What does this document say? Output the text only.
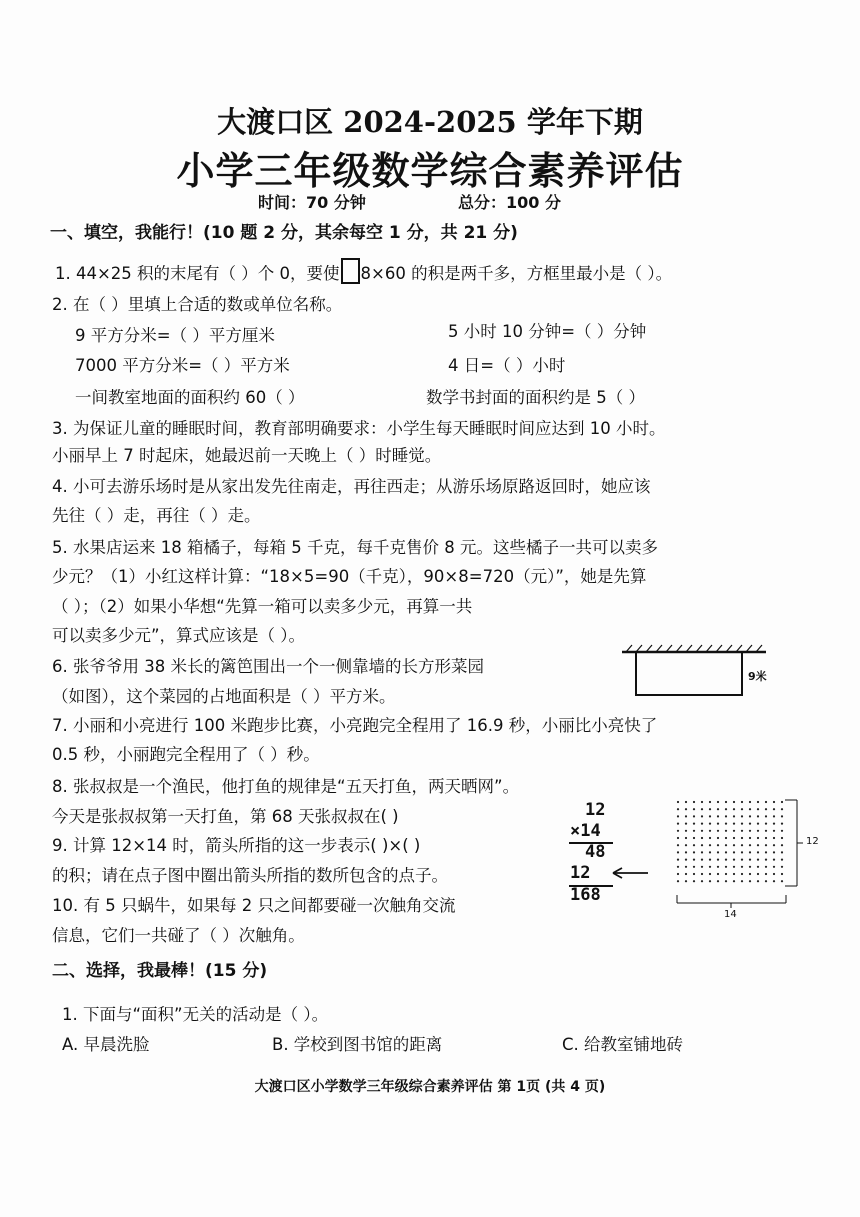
大渡口区 2024-2025 学年下期
小学三年级数学综合素养评估
时间：70 分钟	总分：100 分
一、填空，我能行！(10 题 2 分，其余每空 1 分，共 21 分)
1. 44×25 积的末尾有（ ）个 0，要使 8×60 的积是两千多，方框里最小是（ ）。
2. 在（ ）里填上合适的数或单位名称。
9 平方分米=（ ）平方厘米	5 小时 10 分钟=（ ）分钟
7000 平方分米=（ ）平方米	4 日=（ ）小时
一间教室地面的面积约 60（ ）	数学书封面的面积约是 5（ ）
3. 为保证儿童的睡眠时间，教育部明确要求：小学生每天睡眠时间应达到 10 小时。
小丽早上 7 时起床，她最迟前一天晚上（ ）时睡觉。
4. 小可去游乐场时是从家出发先往南走，再往西走；从游乐场原路返回时，她应该
先往（ ）走，再往（ ）走。
5. 水果店运来 18 箱橘子，每箱 5 千克，每千克售价 8 元。这些橘子一共可以卖多
少元？（1）小红这样计算：“18×5=90（千克），90×8=720（元）”，她是先算
（ ）；（2）如果小华想“先算一箱可以卖多少元，再算一共
可以卖多少元”，算式应该是（ ）。
6. 张爷爷用 38 米长的篱笆围出一个一侧靠墙的长方形菜园
（如图），这个菜园的占地面积是（ ）平方米。
9米
7. 小丽和小亮进行 100 米跑步比赛，小亮跑完全程用了 16.9 秒，小丽比小亮快了
0.5 秒，小丽跑完全程用了（ ）秒。
8. 张叔叔是一个渔民，他打鱼的规律是“五天打鱼，两天晒网”。
今天是张叔叔第一天打鱼，第 68 天张叔叔在( )
9. 计算 12×14 时，箭头所指的这一步表示( )×( )
的积；请在点子图中圈出箭头所指的数所包含的点子。
10. 有 5 只蜗牛，如果每 2 只之间都要碰一次触角交流
信息，它们一共碰了（ ）次触角。
12
×14
48
12
168
12
14
二、选择，我最棒！(15 分)
1. 下面与“面积”无关的活动是（ ）。
A. 早晨洗脸	B. 学校到图书馆的距离	C. 给教室铺地砖
大渡口区小学数学三年级综合素养评估 第 1页 (共 4 页)
